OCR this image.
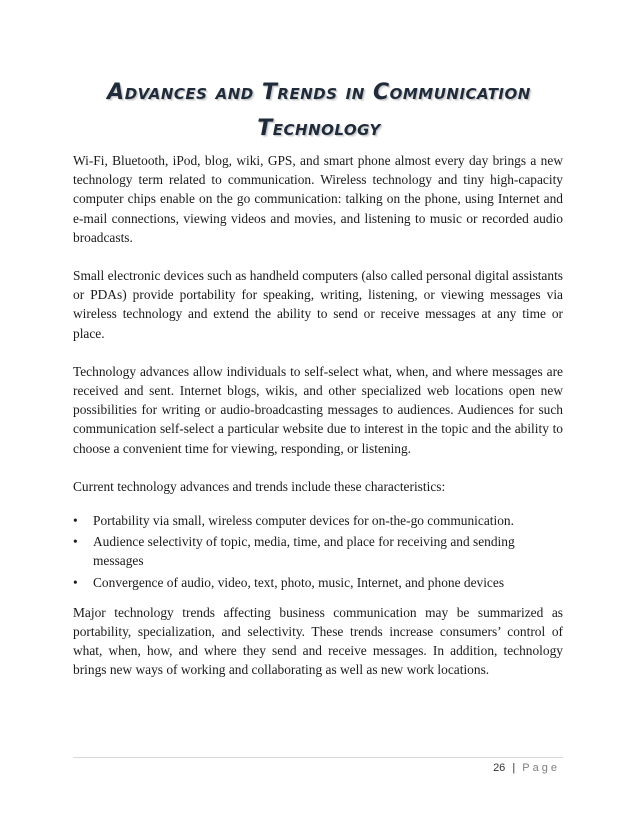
Advances and Trends in Communication
Technology

Wi-Fi, Bluetooth, iPod, blog, wiki, GPS, and smart phone almost every day brings a new technology term related to communication. Wireless technology and tiny high-capacity computer chips enable on the go communication: talking on the phone, using Internet and e-mail connections, viewing videos and movies, and listening to music or recorded audio broadcasts.

Small electronic devices such as handheld computers (also called personal digital assistants or PDAs) provide portability for speaking, writing, listening, or viewing messages via wireless technology and extend the ability to send or receive messages at any time or place.

Technology advances allow individuals to self-select what, when, and where messages are received and sent. Internet blogs, wikis, and other specialized web locations open new possibilities for writing or audio-broadcasting messages to audiences. Audiences for such communication self-select a particular website due to interest in the topic and the ability to choose a convenient time for viewing, responding, or listening.

Current technology advances and trends include these characteristics:

• Portability via small, wireless computer devices for on-the-go communication.
• Audience selectivity of topic, media, time, and place for receiving and sending messages
• Convergence of audio, video, text, photo, music, Internet, and phone devices

Major technology trends affecting business communication may be summarized as portability, specialization, and selectivity. These trends increase consumers’ control of what, when, how, and where they send and receive messages. In addition, technology brings new ways of working and collaborating as well as new work locations.

26 | Page
